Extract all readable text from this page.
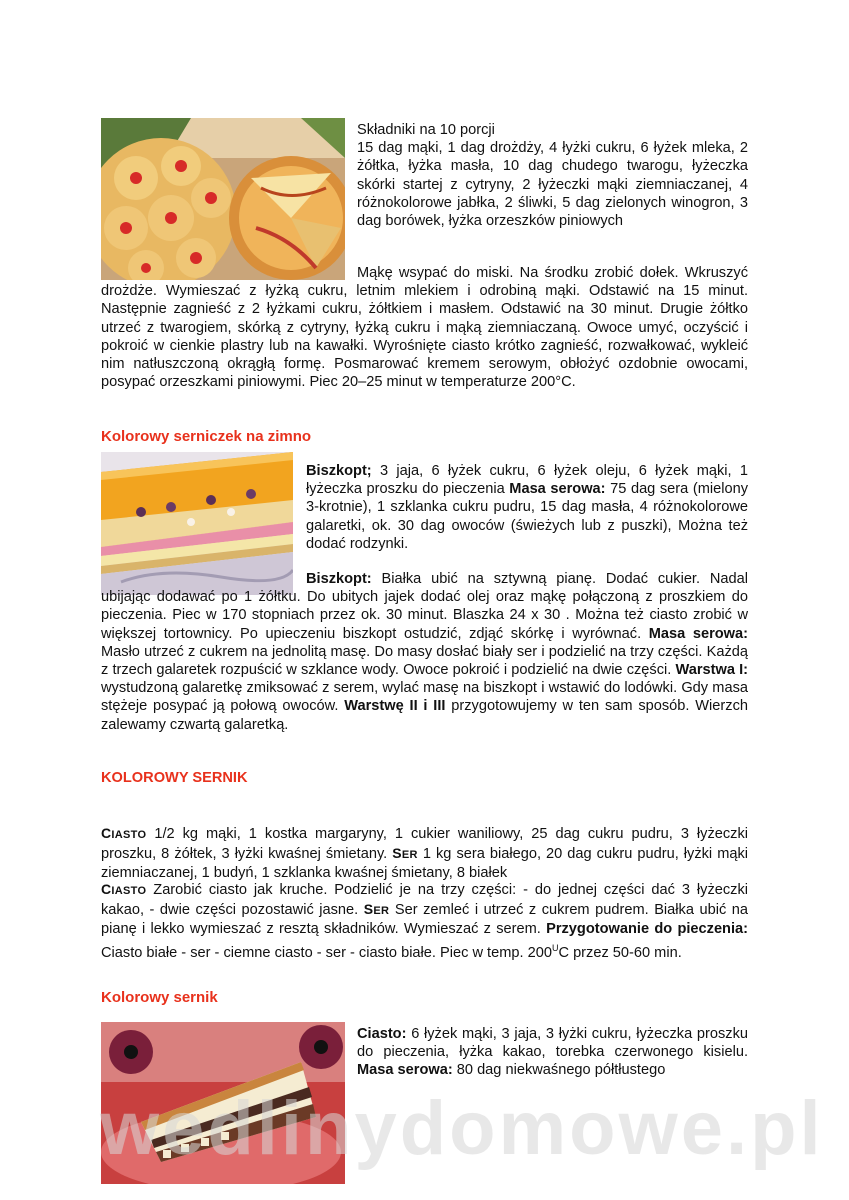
Składniki na 10 porcji

15 dag mąki, 1 dag drożdży, 4 łyżki cukru, 6 łyżek mleka, 2 żółtka, łyżka masła, 10 dag chudego twarogu, łyżeczka skórki startej z cytryny, 2 łyżeczki mąki ziemniaczanej, 4 różnokolorowe jabłka, 2 śliwki, 5 dag zielonych winogron, 3 dag borówek, łyżka orzeszków piniowych

Mąkę wsypać do miski. Na środku zrobić dołek. Wkruszyć drożdże. Wymieszać z łyżką cukru, letnim mlekiem i odrobiną mąki. Odstawić na 15 minut. Następnie zagnieść z 2 łyżkami cukru, żółtkiem i masłem. Odstawić na 30 minut. Drugie żółtko utrzeć z twarogiem, skórką z cytryny, łyżką cukru i mąką ziemniaczaną. Owoce umyć, oczyścić i pokroić w cienkie plastry lub na kawałki. Wyrośnięte ciasto krótko zagnieść, rozwałkować, wykleić nim natłuszczoną okrągłą formę. Posmarować kremem serowym, obłożyć ozdobnie owocami, posypać orzeszkami piniowymi. Piec 20–25 minut w temperaturze 200°C.

Kolorowy serniczek na zimno

Biszkopt; 3 jaja, 6 łyżek cukru, 6 łyżek oleju, 6 łyżek mąki, 1 łyżeczka proszku do pieczenia Masa serowa: 75 dag sera (mielony 3-krotnie), 1 szklanka cukru pudru, 15 dag masła, 4 różnokolorowe galaretki, ok. 30 dag owoców (świeżych lub z puszki), Można też dodać rodzynki.

Biszkopt: Białka ubić na sztywną pianę. Dodać cukier. Nadal ubijając dodawać po 1 żółtku. Do ubitych jajek dodać olej oraz mąkę połączoną z proszkiem do pieczenia. Piec w 170 stopniach przez ok. 30 minut. Blaszka 24 x 30 . Można też ciasto zrobić w większej tortownicy. Po upieczeniu biszkopt ostudzić, zdjąć skórkę i wyrównać. Masa serowa: Masło utrzeć z cukrem na jednolitą masę. Do masy dosłać biały ser i podzielić na trzy części. Każdą z trzech galaretek rozpuścić w szklance wody. Owoce pokroić i podzielić na dwie części. Warstwa I: wystudzoną galaretkę zmiksować z serem, wylać masę na biszkopt i wstawić do lodówki. Gdy masa stężeje posypać ją połową owoców. Warstwę II i III przygotowujemy w ten sam sposób. Wierzch zalewamy czwartą galaretką.

KOLOROWY SERNIK

CIASTO 1/2 kg mąki, 1 kostka margaryny, 1 cukier waniliowy, 25 dag cukru pudru, 3 łyżeczki proszku, 8 żółtek, 3 łyżki kwaśnej śmietany. SER 1 kg sera białego, 20 dag cukru pudru, łyżki mąki ziemniaczanej, 1 budyń, 1 szklanka kwaśnej śmietany, 8 białek

CIASTO Zarobić ciasto jak kruche. Podzielić je na trzy części: - do jednej części dać 3 łyżeczki kakao, - dwie części pozostawić jasne. SER Ser zemleć i utrzeć z cukrem pudrem. Białka ubić na pianę i lekko wymieszać z resztą składników. Wymieszać z serem. Przygotowanie do pieczenia: Ciasto białe - ser - ciemne ciasto - ser - ciasto białe. Piec w temp. $200^UC$ przez 50-60 min.

Kolorowy sernik

Ciasto: 6 łyżek mąki, 3 jaja, 3 łyżki cukru, łyżeczka proszku do pieczenia, łyżka kakao, torebka czerwonego kisielu. Masa serowa: 80 dag niekwaśnego półtłustego

wedlinydomowe.pl
